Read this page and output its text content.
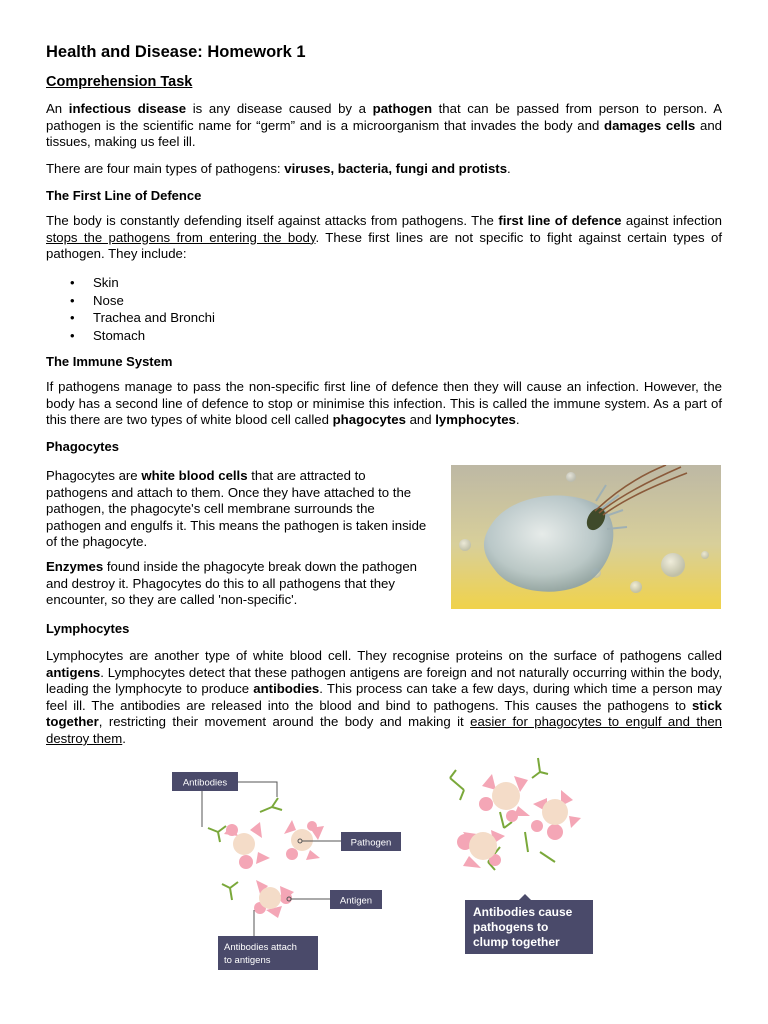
Health and Disease: Homework 1
Comprehension Task

An infectious disease is any disease caused by a pathogen that can be passed from person to person. A pathogen is the scientific name for “germ” and is a microorganism that invades the body and damages cells and tissues, making us feel ill.

There are four main types of pathogens: viruses, bacteria, fungi and protists.

The First Line of Defence

The body is constantly defending itself against attacks from pathogens. The first line of defence against infection stops the pathogens from entering the body. These first lines are not specific to fight against certain types of pathogen. They include:

• Skin
• Nose
• Trachea and Bronchi
• Stomach
The Immune System

If pathogens manage to pass the non-specific first line of defence then they will cause an infection. However, the body has a second line of defence to stop or minimise this infection. This is called the immune system. As a part of this there are two types of white blood cell called phagocytes and lymphocytes.

Phagocytes

Phagocytes are white blood cells that are attracted to pathogens and attach to them. Once they have attached to the pathogen, the phagocyte's cell membrane surrounds the pathogen and engulfs it. This means the pathogen is taken inside of the phagocyte.

Enzymes found inside the phagocyte break down the pathogen and destroy it. Phagocytes do this to all pathogens that they encounter, so they are called 'non-specific'.

Lymphocytes

Lymphocytes are another type of white blood cell. They recognise proteins on the surface of pathogens called antigens. Lymphocytes detect that these pathogen antigens are foreign and not naturally occurring within the body, leading the lymphocyte to produce antibodies. This process can take a few days, during which time a person may feel ill. The antibodies are released into the blood and bind to pathogens. This causes the pathogens to stick together, restricting their movement around the body and making it easier for phagocytes to engulf and then destroy them.

Antibodies
Pathogen
Antigen
Antibodies attach
to antigens
Antibodies cause
pathogens to
clump together
